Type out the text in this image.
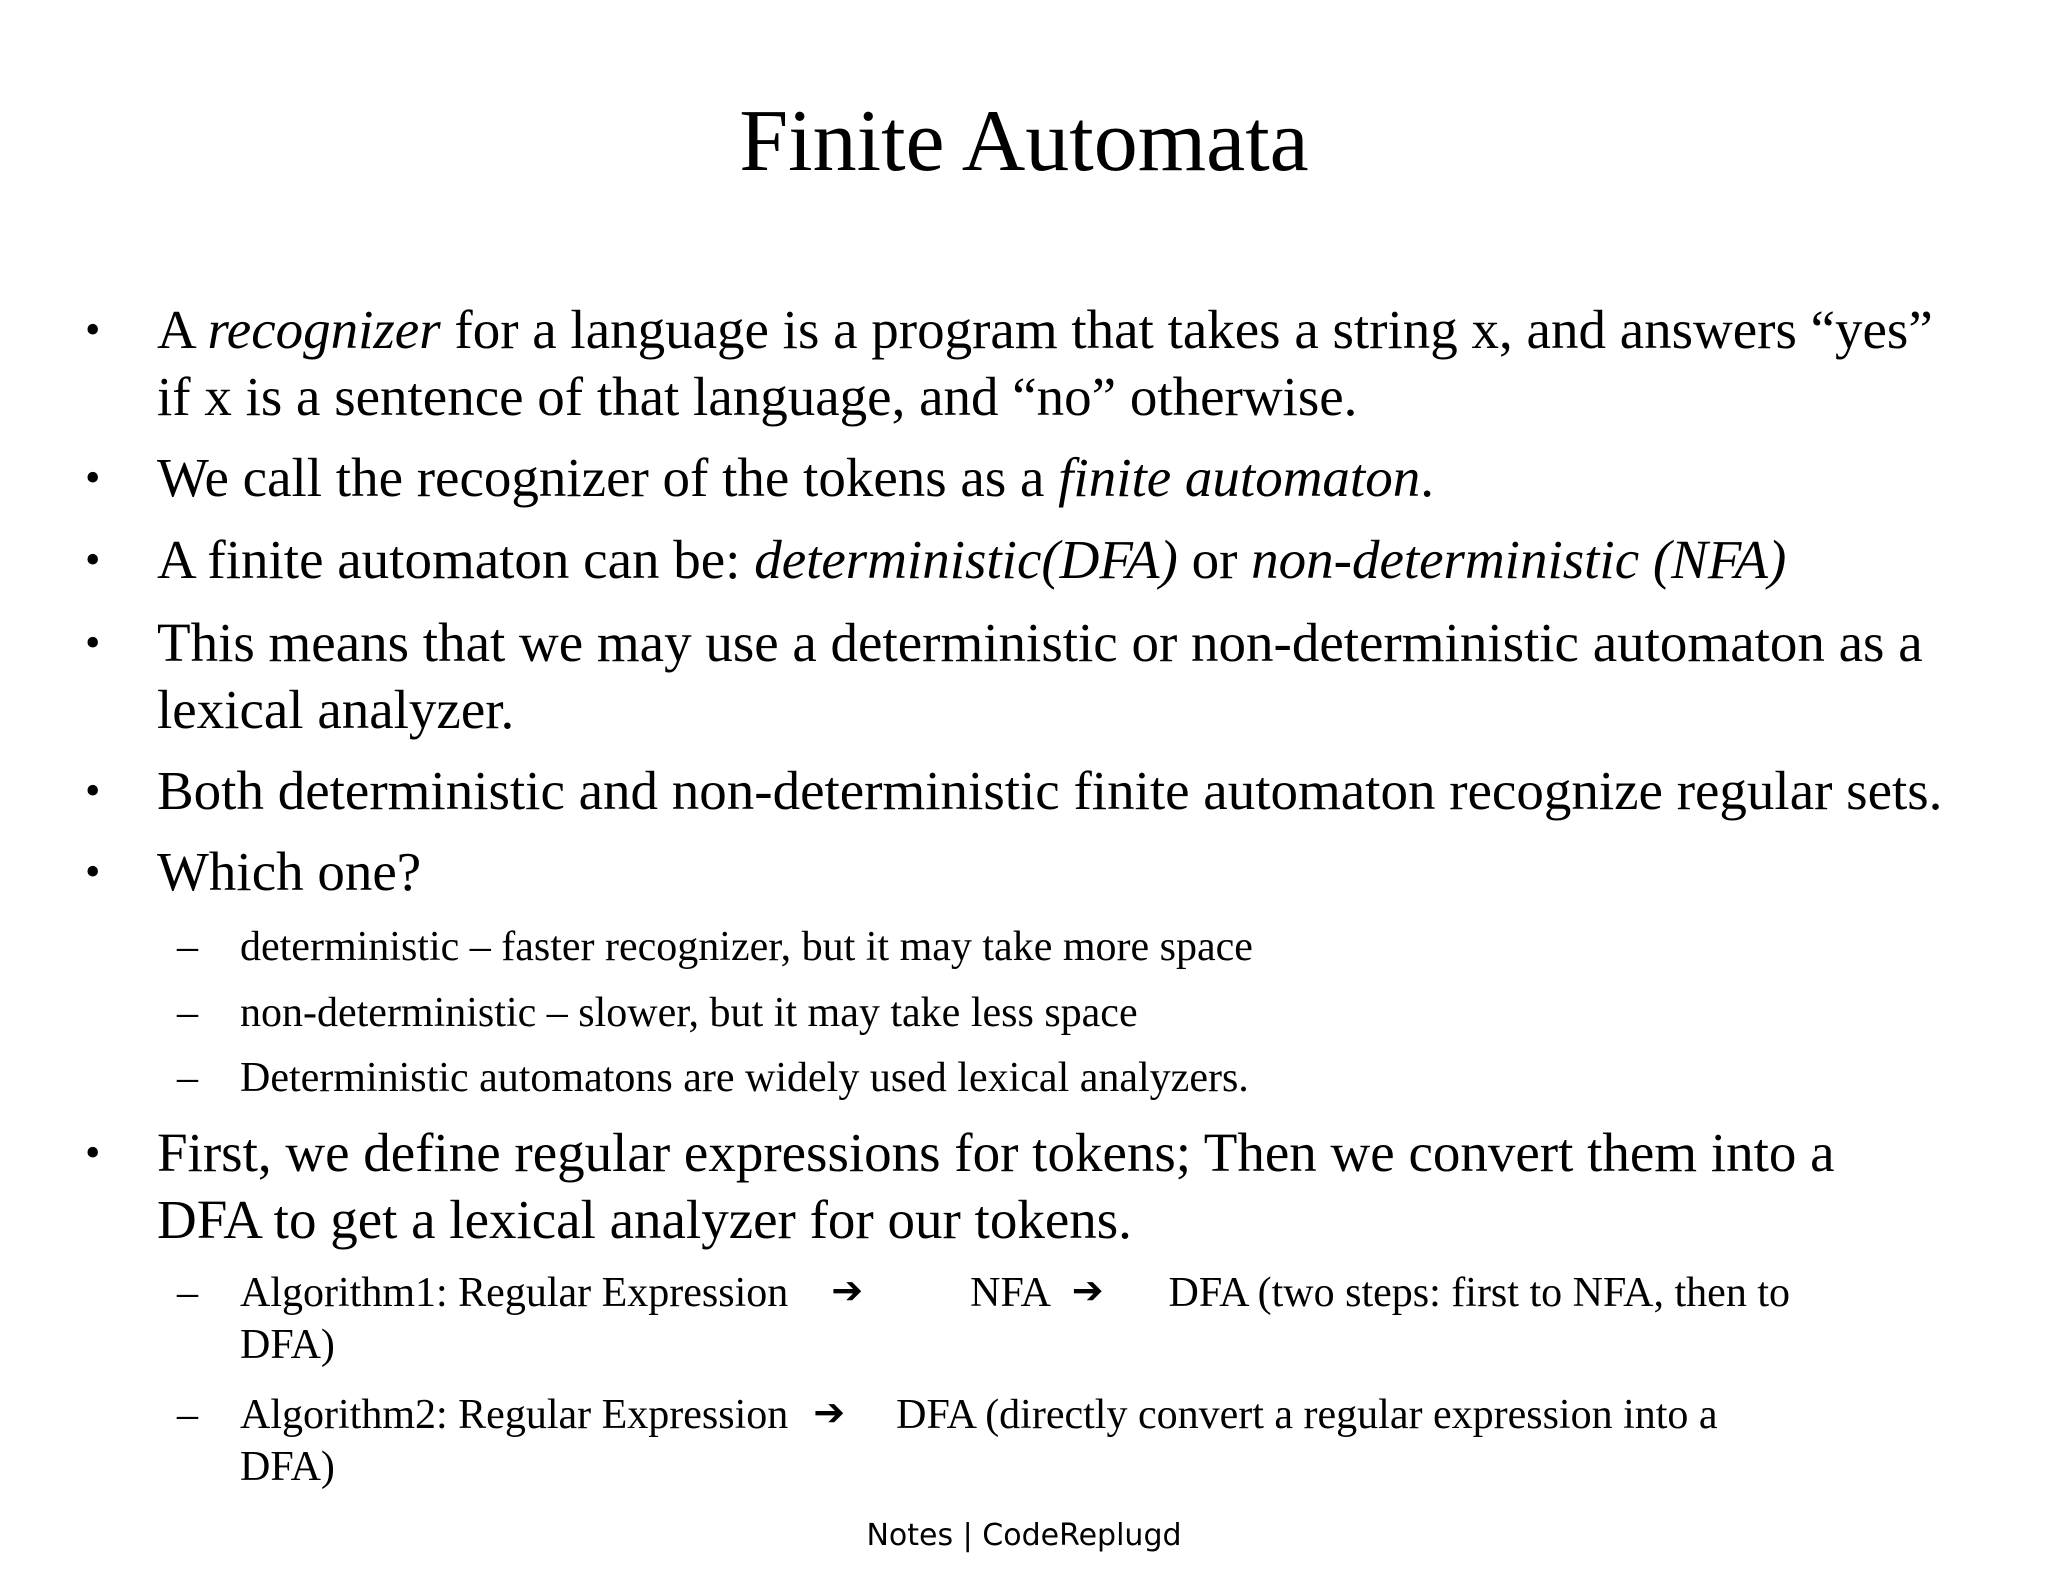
Finite Automata
• A recognizer for a language is a program that takes a string x, and answers “yes”
if x is a sentence of that language, and “no” otherwise.
• We call the recognizer of the tokens as a finite automaton.
• A finite automaton can be: deterministic(DFA) or non-deterministic (NFA)
• This means that we may use a deterministic or non-deterministic automaton as a
lexical analyzer.
• Both deterministic and non-deterministic finite automaton recognize regular sets.
• Which one?
– deterministic – faster recognizer, but it may take more space
– non-deterministic – slower, but it may take less space
– Deterministic automatons are widely used lexical analyzers.
• First, we define regular expressions for tokens; Then we convert them into a
DFA to get a lexical analyzer for our tokens.
– Algorithm1: Regular Expression ➔	NFA ➔ DFA (two steps: first to NFA, then to
DFA)
– Algorithm2: Regular Expression ➔ DFA (directly convert a regular expression into a
DFA)
Notes | CodeReplugd
